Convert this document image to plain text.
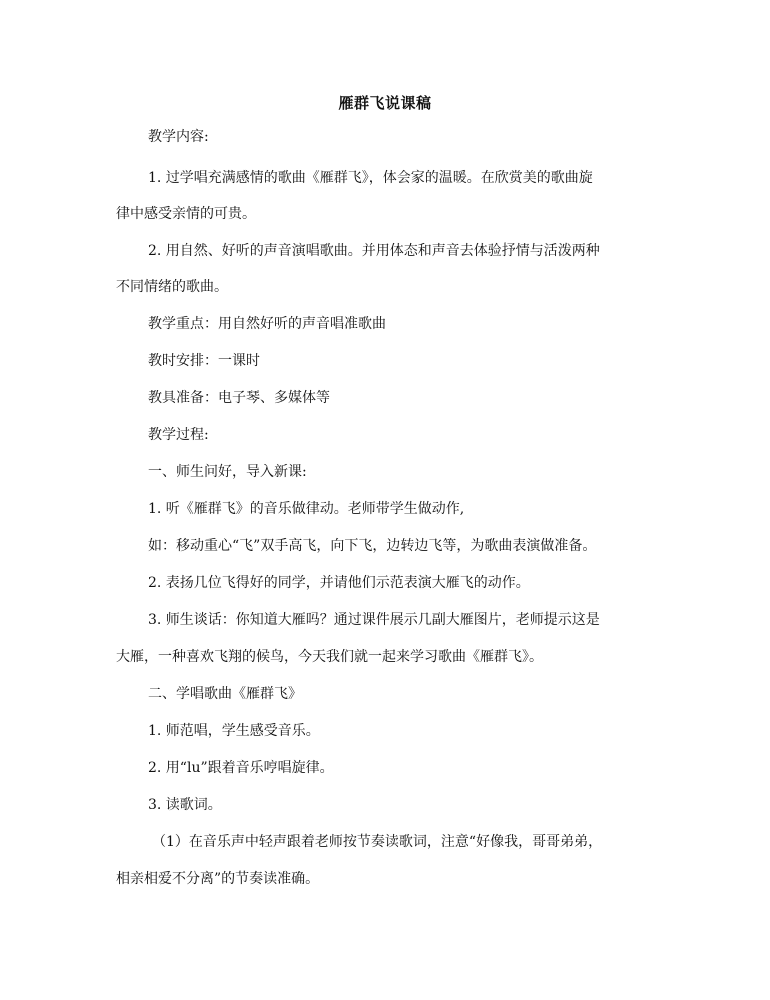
雁群飞说课稿
教学内容:
1. 过学唱充满感情的歌曲《雁群飞》，体会家的温暖。在欣赏美的歌曲旋
律中感受亲情的可贵。
2. 用自然、好听的声音演唱歌曲。并用体态和声音去体验抒情与活泼两种
不同情绪的歌曲。
教学重点：用自然好听的声音唱准歌曲
教时安排：一课时
教具准备：电子琴、多媒体等
教学过程:
一、师生问好，导入新课:
1. 听《雁群飞》的音乐做律动。老师带学生做动作,
如：移动重心“飞”双手高飞，向下飞，边转边飞等，为歌曲表演做准备。
2. 表扬几位飞得好的同学，并请他们示范表演大雁飞的动作。
3. 师生谈话：你知道大雁吗？通过课件展示几副大雁图片，老师提示这是
大雁，一种喜欢飞翔的候鸟，今天我们就一起来学习歌曲《雁群飞》。
二、学唱歌曲《雁群飞》
1. 师范唱，学生感受音乐。
2. 用“lu”跟着音乐哼唱旋律。
3. 读歌词。
（1）在音乐声中轻声跟着老师按节奏读歌词，注意“好像我，哥哥弟弟，
相亲相爱不分离”的节奏读准确。
